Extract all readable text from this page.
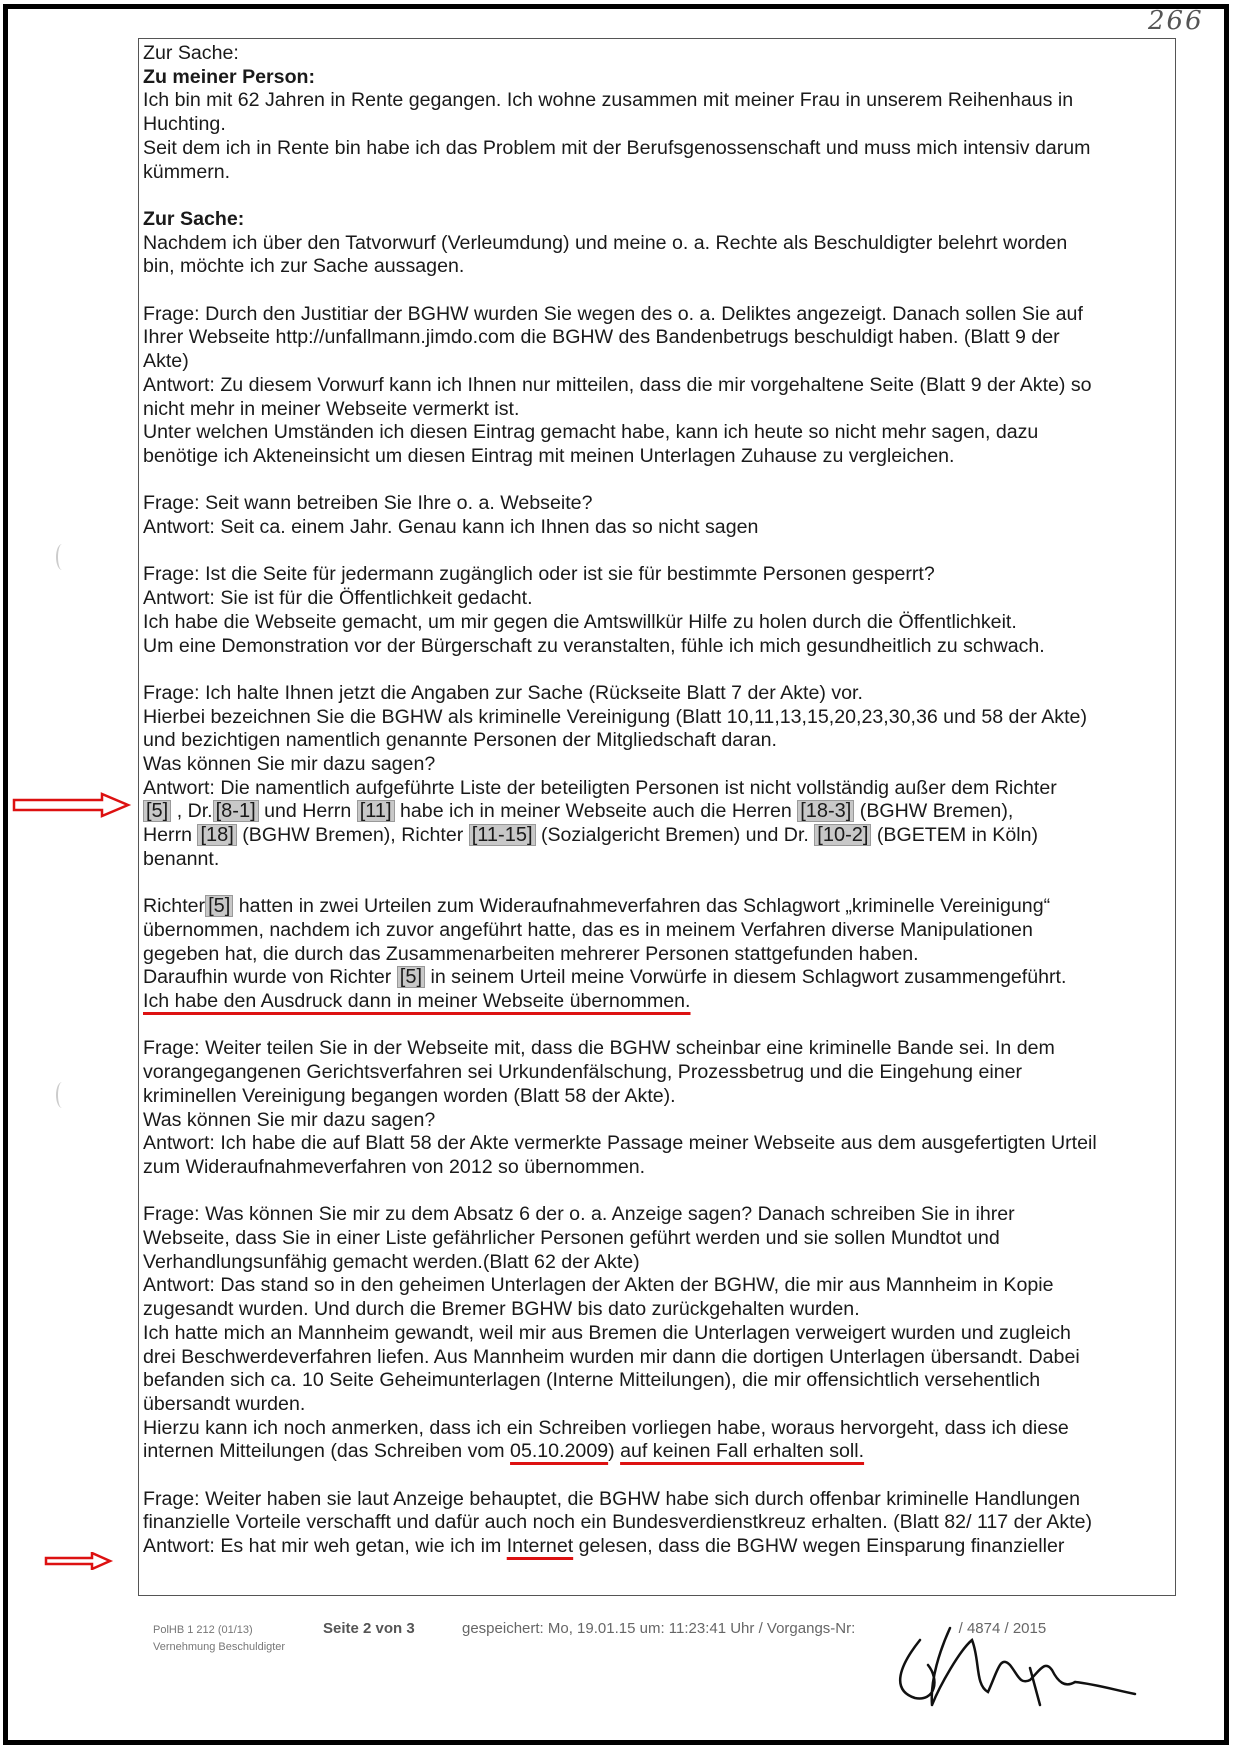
266

Zur Sache:

Zu meiner Person:

Ich bin mit 62 Jahren in Rente gegangen. Ich wohne zusammen mit meiner Frau in unserem Reihenhaus in

Huchting.

Seit dem ich in Rente bin habe ich das Problem mit der Berufsgenossenschaft und muss mich intensiv darum

kümmern.

Zur Sache:

Nachdem ich über den Tatvorwurf (Verleumdung) und meine o. a. Rechte als Beschuldigter belehrt worden

bin, möchte ich zur Sache aussagen.

Frage: Durch den Justitiar der BGHW wurden Sie wegen des o. a. Deliktes angezeigt. Danach sollen Sie auf

Ihrer Webseite http://unfallmann.jimdo.com die BGHW des Bandenbetrugs beschuldigt haben. (Blatt 9 der

Akte)

Antwort: Zu diesem Vorwurf kann ich Ihnen nur mitteilen, dass die mir vorgehaltene Seite (Blatt 9 der Akte) so

nicht mehr in meiner Webseite vermerkt ist.

Unter welchen Umständen ich diesen Eintrag gemacht habe, kann ich heute so nicht mehr sagen, dazu

benötige ich Akteneinsicht um diesen Eintrag mit meinen Unterlagen Zuhause zu vergleichen.

Frage: Seit wann betreiben Sie Ihre o. a. Webseite?

Antwort: Seit ca. einem Jahr. Genau kann ich Ihnen das so nicht sagen

Frage: Ist die Seite für jedermann zugänglich oder ist sie für bestimmte Personen gesperrt?

Antwort: Sie ist für die Öffentlichkeit gedacht.

Ich habe die Webseite gemacht, um mir gegen die Amtswillkür Hilfe zu holen durch die Öffentlichkeit.

Um eine Demonstration vor der Bürgerschaft zu veranstalten, fühle ich mich gesundheitlich zu schwach.

Frage: Ich halte Ihnen jetzt die Angaben zur Sache (Rückseite Blatt 7 der Akte) vor.

Hierbei bezeichnen Sie die BGHW als kriminelle Vereinigung (Blatt 10,11,13,15,20,23,30,36 und 58 der Akte)

und bezichtigen namentlich genannte Personen der Mitgliedschaft daran.

Was können Sie mir dazu sagen?

Antwort: Die namentlich aufgeführte Liste der beteiligten Personen ist nicht vollständig außer dem Richter

[5] , Dr. [8-1] und Herrn [11] habe ich in meiner Webseite auch die Herren [18-3] (BGHW Bremen),

Herrn [18] (BGHW Bremen), Richter [11-15] (Sozialgericht Bremen) und Dr. [10-2] (BGETEM in Köln)

benannt.

Richter [5] hatten in zwei Urteilen zum Wideraufnahmeverfahren das Schlagwort „kriminelle Vereinigung“

übernommen, nachdem ich zuvor angeführt hatte, das es in meinem Verfahren diverse Manipulationen

gegeben hat, die durch das Zusammenarbeiten mehrerer Personen stattgefunden haben.

Daraufhin wurde von Richter [5] in seinem Urteil meine Vorwürfe in diesem Schlagwort zusammengeführt.

Ich habe den Ausdruck dann in meiner Webseite übernommen.

Frage: Weiter teilen Sie in der Webseite mit, dass die BGHW scheinbar eine kriminelle Bande sei. In dem

vorangegangenen Gerichtsverfahren sei Urkundenfälschung, Prozessbetrug und die Eingehung einer

kriminellen Vereinigung begangen worden (Blatt 58 der Akte).

Was können Sie mir dazu sagen?

Antwort: Ich habe die auf Blatt 58 der Akte vermerkte Passage meiner Webseite aus dem ausgefertigten Urteil

zum Wideraufnahmeverfahren von 2012 so übernommen.

Frage: Was können Sie mir zu dem Absatz 6 der o. a. Anzeige sagen? Danach schreiben Sie in ihrer

Webseite, dass Sie in einer Liste gefährlicher Personen geführt werden und sie sollen Mundtot und

Verhandlungsunfähig gemacht werden.(Blatt 62 der Akte)

Antwort: Das stand so in den geheimen Unterlagen der Akten der BGHW, die mir aus Mannheim in Kopie

zugesandt wurden. Und durch die Bremer BGHW bis dato zurückgehalten wurden.

Ich hatte mich an Mannheim gewandt, weil mir aus Bremen die Unterlagen verweigert wurden und zugleich

drei Beschwerdeverfahren liefen. Aus Mannheim wurden mir dann die dortigen Unterlagen übersandt. Dabei

befanden sich ca. 10 Seite Geheimunterlagen (Interne Mitteilungen), die mir offensichtlich versehentlich

übersandt wurden.

Hierzu kann ich noch anmerken, dass ich ein Schreiben vorliegen habe, woraus hervorgeht, dass ich diese

internen Mitteilungen (das Schreiben vom 05.10.2009) auf keinen Fall erhalten soll.

Frage: Weiter haben sie laut Anzeige behauptet, die BGHW habe sich durch offenbar kriminelle Handlungen

finanzielle Vorteile verschafft und dafür auch noch ein Bundesverdienstkreuz erhalten. (Blatt 82/ 117 der Akte)

Antwort: Es hat mir weh getan, wie ich im Internet gelesen, dass die BGHW wegen Einsparung finanzieller

PolHB 1 212 (01/13)
Vernehmung Beschuldigter
Seite 2 von 3	gespeichert: Mo, 19.01.15 um: 11:23:41 Uhr / Vorgangs-Nr:	/ 4874 / 2015
